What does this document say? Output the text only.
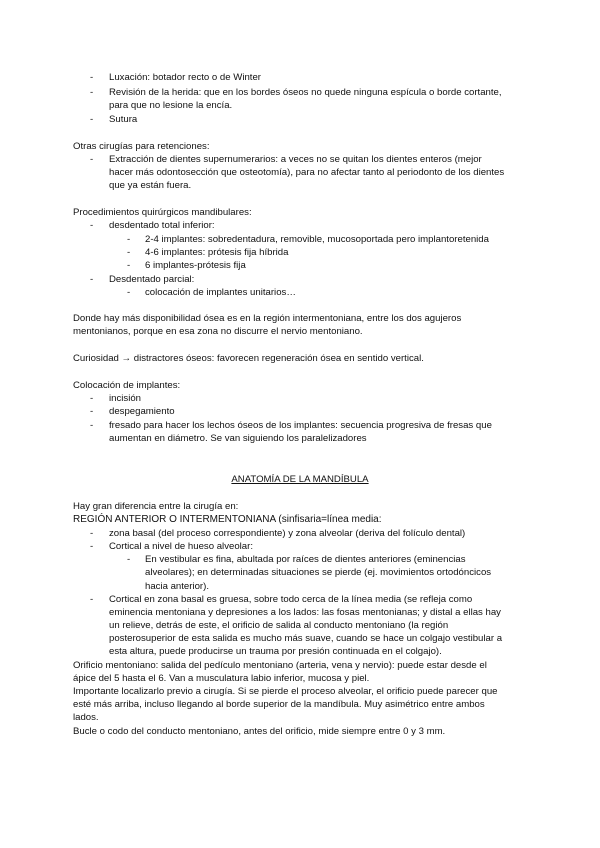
- Luxación: botador recto o de Winter
- Revisión de la herida: que en los bordes óseos no quede ninguna espícula o borde cortante,
para que no lesione la encía.
- Sutura
Otras cirugías para retenciones:
- Extracción de dientes supernumerarios: a veces no se quitan los dientes enteros (mejor
hacer más odontosección que osteotomía), para no afectar tanto al periodonto de los dientes
que ya están fuera.
Procedimientos quirúrgicos mandibulares:
- desdentado total inferior:
- 2-4 implantes: sobredentadura, removible, mucosoportada pero implantoretenida
- 4-6 implantes: prótesis fija híbrida
- 6 implantes-prótesis fija
- Desdentado parcial:
- colocación de implantes unitarios…
Donde hay más disponibilidad ósea es en la región intermentoniana, entre los dos agujeros
mentonianos, porque en esa zona no discurre el nervio mentoniano.
Curiosidad → distractores óseos: favorecen regeneración ósea en sentido vertical.
Colocación de implantes:
- incisión
- despegamiento
- fresado para hacer los lechos óseos de los implantes: secuencia progresiva de fresas que
aumentan en diámetro. Se van siguiendo los paralelizadores
ANATOMÍA DE LA MANDÍBULA
Hay gran diferencia entre la cirugía en:
REGIÓN ANTERIOR O INTERMENTONIANA (sinfisaria=línea media:
- zona basal (del proceso correspondiente) y zona alveolar (deriva del folículo dental)
- Cortical a nivel de hueso alveolar:
- En vestibular es fina, abultada por raíces de dientes anteriores (eminencias
alveolares); en determinadas situaciones se pierde (ej. movimientos ortodóncicos
hacia anterior).
- Cortical en zona basal es gruesa, sobre todo cerca de la línea media (se refleja como
eminencia mentoniana y depresiones a los lados: las fosas mentonianas; y distal a ellas hay
un relieve, detrás de este, el orificio de salida al conducto mentoniano (la región
posterosuperior de esta salida es mucho más suave, cuando se hace un colgajo vestibular a
esta altura, puede producirse un trauma por presión continuada en el colgajo).
Orificio mentoniano: salida del pedículo mentoniano (arteria, vena y nervio): puede estar desde el
ápice del 5 hasta el 6. Van a musculatura labio inferior, mucosa y piel.
Importante localizarlo previo a cirugía. Si se pierde el proceso alveolar, el orificio puede parecer que
esté más arriba, incluso llegando al borde superior de la mandíbula. Muy asimétrico entre ambos
lados.
Bucle o codo del conducto mentoniano, antes del orificio, mide siempre entre 0 y 3 mm.
